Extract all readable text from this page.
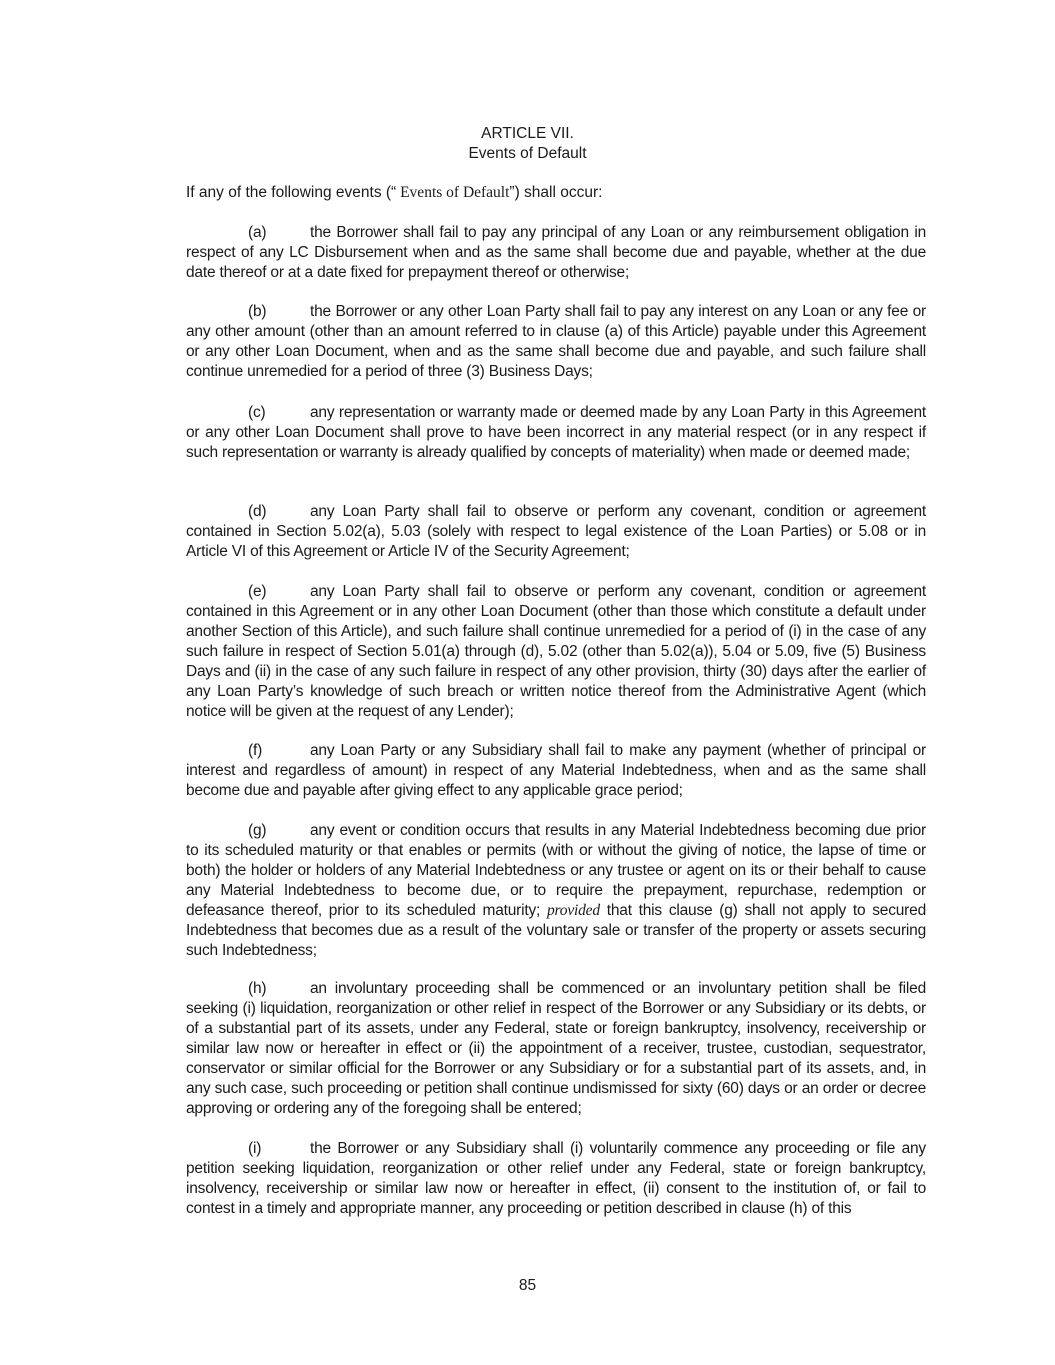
ARTICLE VII.
Events of Default
If any of the following events (“ Events of Default”) shall occur:

(a)	the Borrower shall fail to pay any principal of any Loan or any reimbursement obligation in respect of any LC Disbursement when and as the same shall become due and payable, whether at the due date thereof or at a date fixed for prepayment thereof or otherwise;

(b)	the Borrower or any other Loan Party shall fail to pay any interest on any Loan or any fee or any other amount (other than an amount referred to in clause (a) of this Article) payable under this Agreement or any other Loan Document, when and as the same shall become due and payable, and such failure shall continue unremedied for a period of three (3) Business Days;

(c)	any representation or warranty made or deemed made by any Loan Party in this Agreement or any other Loan Document shall prove to have been incorrect in any material respect (or in any respect if such representation or warranty is already qualified by concepts of materiality) when made or deemed made;

(d)	any Loan Party shall fail to observe or perform any covenant, condition or agreement contained in Section 5.02(a), 5.03 (solely with respect to legal existence of the Loan Parties) or 5.08 or in Article VI of this Agreement or Article IV of the Security Agreement;

(e)	any Loan Party shall fail to observe or perform any covenant, condition or agreement contained in this Agreement or in any other Loan Document (other than those which constitute a default under another Section of this Article), and such failure shall continue unremedied for a period of (i) in the case of any such failure in respect of Section 5.01(a) through (d), 5.02 (other than 5.02(a)), 5.04 or 5.09, five (5) Business Days and (ii) in the case of any such failure in respect of any other provision, thirty (30) days after the earlier of any Loan Party’s knowledge of such breach or written notice thereof from the Administrative Agent (which notice will be given at the request of any Lender);

(f)	any Loan Party or any Subsidiary shall fail to make any payment (whether of principal or interest and regardless of amount) in respect of any Material Indebtedness, when and as the same shall become due and payable after giving effect to any applicable grace period;

(g)	any event or condition occurs that results in any Material Indebtedness becoming due prior to its scheduled maturity or that enables or permits (with or without the giving of notice, the lapse of time or both) the holder or holders of any Material Indebtedness or any trustee or agent on its or their behalf to cause any Material Indebtedness to become due, or to require the prepayment, repurchase, redemption or defeasance thereof, prior to its scheduled maturity; provided that this clause (g) shall not apply to secured Indebtedness that becomes due as a result of the voluntary sale or transfer of the property or assets securing such Indebtedness;

(h)	an involuntary proceeding shall be commenced or an involuntary petition shall be filed seeking (i) liquidation, reorganization or other relief in respect of the Borrower or any Subsidiary or its debts, or of a substantial part of its assets, under any Federal, state or foreign bankruptcy, insolvency, receivership or similar law now or hereafter in effect or (ii) the appointment of a receiver, trustee, custodian, sequestrator, conservator or similar official for the Borrower or any Subsidiary or for a substantial part of its assets, and, in any such case, such proceeding or petition shall continue undismissed for sixty (60) days or an order or decree approving or ordering any of the foregoing shall be entered;

(i)	the Borrower or any Subsidiary shall (i) voluntarily commence any proceeding or file any petition seeking liquidation, reorganization or other relief under any Federal, state or foreign bankruptcy, insolvency, receivership or similar law now or hereafter in effect, (ii) consent to the institution of, or fail to contest in a timely and appropriate manner, any proceeding or petition described in clause (h) of this

85
